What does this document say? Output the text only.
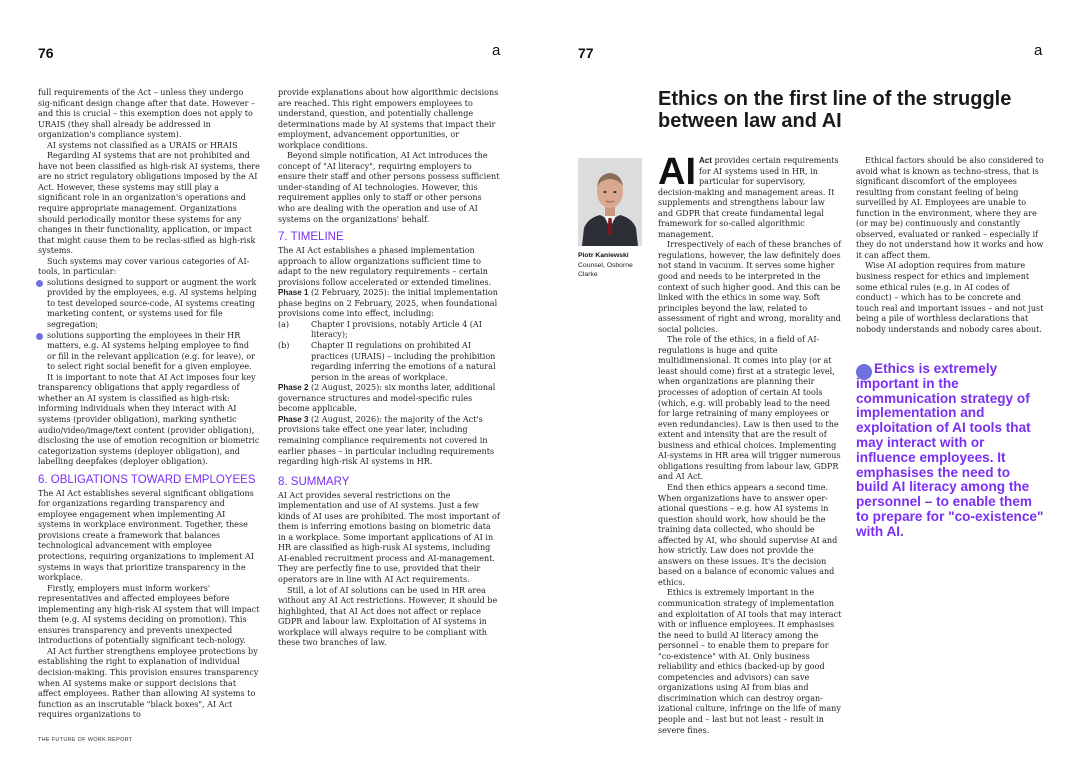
76	a

full requirements of the Act – unless they undergo sig-nificant design change after that date. However – and this is crucial – this exemption does not apply to URAIS (they shall already be addressed in organization's compliance system).

AI systems not classified as a URAIS or HRAIS

Regarding AI systems that are not prohibited and have not been classified as high-risk AI systems, there are no strict regulatory obligations imposed by the AI Act. However, these systems may still play a significant role in an organization's operations and require appropriate management. Organizations should periodically monitor these systems for any changes in their functionality, application, or impact that might cause them to be reclas-sified as high-risk systems.

Such systems may cover various categories of AI-tools, in particular:

solutions designed to support or augment the work provided by the employees, e.g. AI systems helping to test developed source-code, AI systems creating marketing content, or systems used for file segregation;
solutions supporting the employees in their HR matters, e.g. AI systems helping employee to find or fill in the relevant application (e.g. for leave), or to select right social benefit for a given employee.

It is important to note that AI Act imposes four key transparency obligations that apply regardless of whether an AI system is classified as high-risk: informing individuals when they interact with AI systems (provider obligation), marking synthetic audio/video/image/text content (provider obligation), disclosing the use of emotion recognition or biometric categorization systems (deployer obligation), and labelling deepfakes (deployer obligation).

6. OBLIGATIONS TOWARD EMPLOYEES

The AI Act establishes several significant obligations for organizations regarding transparency and employee engagement when implementing AI systems in workplace environment. Together, these provisions create a framework that balances technological advancement with employee protections, requiring organizations to implement AI systems in ways that prioritize transparency in the workplace.

Firstly, employers must inform workers' representatives and affected employees before implementing any high-risk AI system that will impact them (e.g. AI systems deciding on promotion). This ensures transparency and prevents unexpected introductions of potentially significant tech-nology.

AI Act further strengthens employee protections by establishing the right to explanation of individual decision-making. This provision ensures transparency when AI systems make or support decisions that affect employees. Rather than allowing AI systems to function as an inscrutable "black boxes", AI Act requires organizations to

provide explanations about how algorithmic decisions are reached. This right empowers employees to understand, question, and potentially challenge determinations made by AI systems that impact their employment, advancement opportunities, or workplace conditions.

Beyond simple notification, AI Act introduces the concept of "AI literacy", requiring employers to ensure their staff and other persons possess sufficient under-standing of AI technologies. However, this requirement applies only to staff or other persons who are dealing with the operation and use of AI systems on the organizations' behalf.

7. TIMELINE

The AI Act establishes a phased implementation approach to allow organizations sufficient time to adapt to the new regulatory requirements – certain provisions follow accelerated or extended timelines.

Phase 1 (2 February, 2025): the initial implementation phase begins on 2 February, 2025, when foundational provisions come into effect, including:

(a)	Chapter I provisions, notably Article 4 (AI literacy);
(b)	Chapter II regulations on prohibited AI practices (URAIS) – including the prohibition regarding inferring the emotions of a natural person in the areas of workplace.

Phase 2 (2 August, 2025): six months later, additional governance structures and model-specific rules become applicable.

Phase 3 (2 August, 2026): the majority of the Act's provisions take effect one year later, including remaining compliance requirements not covered in earlier phases – in particular including requirements regarding high-risk AI systems in HR.

8. SUMMARY

AI Act provides several restrictions on the implementation and use of AI systems. Just a few kinds of AI uses are prohibited. The most important of them is inferring emotions basing on biometric data in a workplace. Some important applications of AI in HR are classified as high-rusk AI systems, including AI-enabled recruitment process and AI-management. They are perfectly fine to use, provided that their operators are in line with AI Act requirements.

Still, a lot of AI solutions can be used in HR area without any AI Act restrictions. However, it should be highlighted, that AI Act does not affect or replace GDPR and labour law. Exploitation of AI systems in workplace will always require to be compliant with these two branches of law.

THE FUTURE OF WORK REPORT
77	a
Ethics on the first line of the struggle between law and AI
Piotr Kaniewski
Counsel, Osborne Clarke

AI Act provides certain requirements for AI systems used in HR, in particular for supervisory, decision-making and management areas. It supplements and strengthens labour law and GDPR that create fundamental legal framework for so-called algorithmic management.

Irrespectively of each of these branches of regulations, however, the law definitely does not stand in vacuum. It serves some higher good and needs to be interpreted in the context of such higher good. And this can be linked with the ethics in some way. Soft principles beyond the law, related to assessment of right and wrong, morality and social policies.

The role of the ethics, in a field of AI-regulations is huge and quite multidimensional. It comes into play (or at least should come) first at a strategic level, when organizations are planning their processes of adoption of certain AI tools (which, e.g. will probably lead to the need for large retraining of many employees or even redundancies). Law is then used to the extent and intensity that are the result of business and ethical choices. Implementing AI-systems in HR area will trigger numerous obligations resulting from labour law, GDPR and AI Act.

End then ethics appears a second time. When organizations have to answer oper-ational questions – e.g. how AI systems in question should work, how should be the training data collected, who should be affected by AI, who should supervise AI and how strictly. Law does not provide the answers on these issues. It's the decision based on a balance of economic values and ethics.

Ethics is extremely important in the communication strategy of implementation and exploitation of AI tools that may interact with or influence employees. It emphasises the need to build AI literacy among the personnel – to enable them to prepare for "co-existence" with AI. Only business reliability and ethics (backed-up by good competencies and advisors) can save organizations using AI from bias and discrimination which can destroy organ-izational culture, infringe on the life of many people and – last but not least – result in severe fines.

Ethical factors should be also considered to avoid what is known as techno-stress, that is significant discomfort of the employees resulting from constant feeling of being surveilled by AI. Employees are unable to function in the environment, where they are (or may be) continuously and constantly observed, evaluated or ranked – especially if they do not understand how it works and how it can affect them.

Wise AI adoption requires from mature business respect for ethics and implement some ethical rules (e.g. in AI codes of conduct) – which has to be concrete and touch real and important issues – and not just being a pile of worthless declarations that nobody understands and nobody cares about.

Ethics is extremely important in the communication strategy of implementation and exploitation of AI tools that may interact with or influence employees. It emphasises the need to build AI literacy among the personnel – to enable them to prepare for "co-existence" with AI.
